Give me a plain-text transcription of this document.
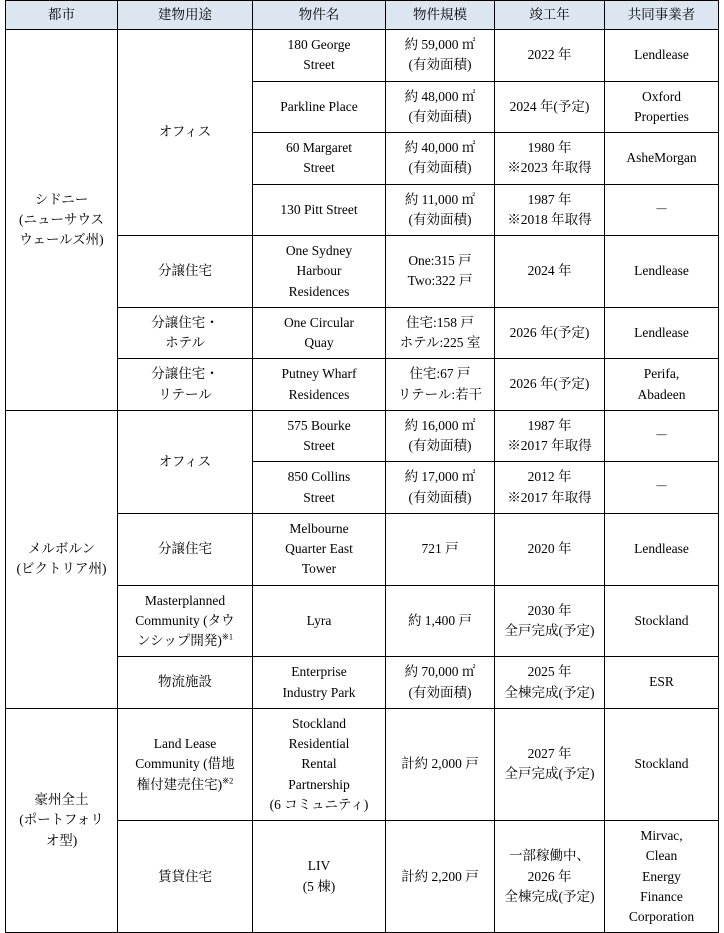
都市	建物用途	物件名	物件規模	竣工年	共同事業者

シドニー
(ニューサウス
ウェールズ州)	オフィス	180 George
Street	約 59,000 ㎡
(有効面積)	2022 年	Lendlease

		Parkline Place	約 48,000 ㎡
(有効面積)	2024 年(予定)	Oxford
Properties

		60 Margaret
Street	約 40,000 ㎡
(有効面積)	1980 年
※2023 年取得	AsheMorgan

		130 Pitt Street	約 11,000 ㎡
(有効面積)	1987 年
※2018 年取得	－

	分譲住宅	One Sydney
Harbour
Residences	One:315 戸
Two:322 戸	2024 年	Lendlease

	分譲住宅・
ホテル	One Circular
Quay	住宅:158 戸
ホテル:225 室	2026 年(予定)	Lendlease

	分譲住宅・
リテール	Putney Wharf
Residences	住宅:67 戸
リテール:若干	2026 年(予定)	Perifa,
Abadeen

メルボルン
(ビクトリア州)	オフィス	575 Bourke
Street	約 16,000 ㎡
(有効面積)	1987 年
※2017 年取得	－

		850 Collins
Street	約 17,000 ㎡
(有効面積)	2012 年
※2017 年取得	－

	分譲住宅	Melbourne
Quarter East
Tower	721 戸	2020 年	Lendlease

	Masterplanned
Community (タウ
ンシップ開発)$^{※1}$	Lyra	約 1,400 戸	2030 年
全戸完成(予定)	Stockland

	物流施設	Enterprise
Industry Park	約 70,000 ㎡
(有効面積)	2025 年
全棟完成(予定)	ESR

豪州全土
(ポートフォリ
オ型)	Land Lease
Community (借地
権付建売住宅)$^{※2}$	Stockland
Residential
Rental
Partnership
(6 コミュニティ)	計約 2,000 戸	2027 年
全戸完成(予定)	Stockland

	賃貸住宅	LIV
(5 棟)	計約 2,200 戸	一部稼働中、
2026 年
全棟完成(予定)	Mirvac,
Clean
Energy
Finance
Corporation
